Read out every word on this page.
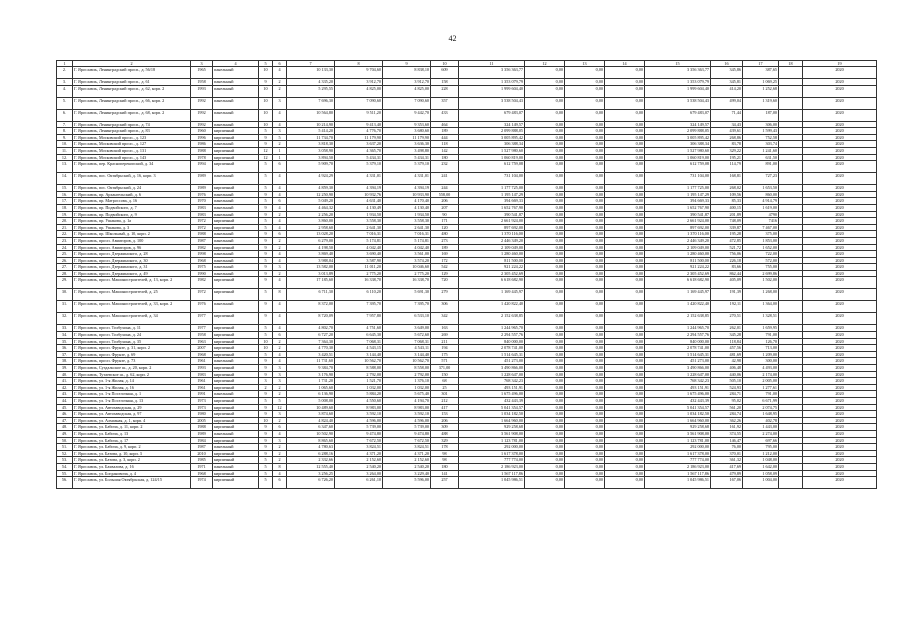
42
1	2	3	4	5	6	7	8	9	10	11	12	13	14	15	16	17	18	19
2.	Г. Ярославль, Ленинградский просп., д. 56/18	1965	панельный	10	4	10 133,30	9 704,60	8 838,10	609	3 356 363,77	0,00	0,00	0,00	3 356 363,77	345,86	387,65		2020
3.	Г. Ярославль, Ленинградский просп., д. 61	1958	панельный	9	2	4 335,20	3 912,70	3 912,70	158	1 353 079,79	0,00	0,00	0,00	1 353 079,79	345,81	1 069,25		2020
4.	Г. Ярославль, Ленинградский просп., д. 62, корп. 2	1993	панельный	10	2	5 295,55	4 825,00	4 825,00	228	1 999 604,40	0,00	0,00	0,00	1 999 604,40	414,20	1 252,68		2020
5.	Г. Ярославль, Ленинградский просп., д. 66, корп. 2	1992	панельный	10	3	7 696,30	7 090,60	7 090,60	357	3 538 504,43	0,00	0,00	0,00	3 538 504,43	499,04	1 319,60		2020
6.	Г. Ярославль, Ленинградский просп., д. 68, корп. 2	1992	панельный	10	4	10 564,80	9 511,20	9 442,70	433	679 483,07	0,00	0,00	0,00	679 483,07	71,44	187,00		2020
7.	Г. Ярославль, Ленинградский просп., д. 74	1992	панельный	10	4	10 214,90	9 413,40	9 353,60	464	324 149,57	0,00	0,00	0,00	324 149,57	34,43	306,00		2020
8.	Г. Ярославль, Ленинградский просп., д. 83	1960	кирпичный	5	3	5 414,20	4 776,70	3 680,60	189	2 099 888,05	0,00	0,00	0,00	2 099 888,05	439,61	1 599,43		2020
9.	Г. Ярославль, Московский просп., д. 123	1996	кирпичный	9	5	11 734,70	11 179,90	11 179,90	444	3 005 895,42	0,00	0,00	0,00	3 005 895,42	268,86	752,58		2020
10.	Г. Ярославль, Московский просп., д. 127	1986	панельный	9	2	3 818,30	3 637,20	3 636,30	118	306 388,34	0,00	0,00	0,00	306 388,34	83,78	303,74		2020
11.	Г. Ярославль, Московский просп., д. 131	1988	кирпичный	12	1	3 058,90	4 365,70	3 498,80	142	1 527 980,60	0,00	0,00	0,00	1 527 980,60	329,22	1 241,60		2020
12.	Г. Ярославль, Московский просп., д. 143	1978	кирпичный	12	1	3 894,50	5 434,31	5 434,31	180	1 060 819,00	0,00	0,00	0,00	1 060 819,00	195,21	631,50		2020
13.	Г. Ярославль, пер. Красноперекопский, д. 34	1994	кирпичный	5	6	5 909,70	5 379,10	5 379,10	232	612 759,08	0,00	0,00	0,00	612 759,08	114,79	891,00		2020
14.	Г. Ярославль, пос. Октябрьский, д. 16, корп. 3	1989	панельный	5	4	4 924,29	4 331,01	4 331,01	241	731 104,00	0,00	0,00	0,00	731 104,00	168,81	727,23		2020
15.	Г. Ярославль, пос. Октябрьский, д. 24	1989	кирпичный	5	4	4 859,30	4 394,19	4 394,19	244	1 177 725,00	0,00	0,00	0,00	1 177 725,00	268,02	1 653,50		2020
16.	Г. Ярославль, пр. Архангельский, д. 6	1976	панельный	9	4	12 250,90	10 932,76	10 933,90	558,00	1 195 147,29	0,00	0,00	0,00	1 195 147,29	109,56	860,00		2020
17.	Г. Ярославль, пр. Матроссова, д. 16	1970	панельный	5	6	5 049,20	4 631,40	4 170,40	206	394 669,33	0,00	0,00	0,00	394 669,33	85,33	4 914,79		2020
18.	Г. Ярославль, пр. Подвойского, д. 7	1983	панельный	9	4	4 464,32	4 130,49	4 130,40	207	1 652 767,90	0,00	0,00	0,00	1 652 767,90	400,15	1 619,00		2020
19.	Г. Ярославль, пр. Подвойского, д. 9	1983	панельный	9	2	2 256,20	1 934,50	1 934,50	90	390 541,87	0,00	0,00	0,00	390 541,87	201,89	4790		2020
20.	Г. Ярославль, пр. Ушакова, д. 1а	1972	кирпичный	5	4	3 860,00	3 558,30	3 558,30	171	2 661 924,00	0,00	0,00	0,00	2 661 924,00	748,09	7416		2020
21.	Г. Ярославль, пр. Ушакова, д. 3	1972	кирпичный	5	4	2 958,60	2 641,30	2 641,30	120	897 692,00	0,00	0,00	0,00	897 692,00	339,87	7 467,00		2020
22.	Г. Ярославль, пр. Школьный, д. 10, корп. 2	1988	панельный	9	6	13 028,20	7 016,31	7 016,31	480	1 370 116,00	0,00	0,00	0,00	1 370 116,00	195,28	375,00		2020
23.	Г. Ярославль, просп. Авиаторов, д. 100	1987	панельный	9	2	6 279,00	5 174,81	5 174,81	273	2 446 349,20	0,00	0,00	0,00	2 446 349,20	472,85	1 853,00		2020
24.	Г. Ярославль, просп. Авиаторов, д. 96	1982	кирпичный	9	2	4 198,50	4 042,40	4 042,40	189	2 109 049,00	0,00	0,00	0,00	2 109 049,00	521,72	1 652,00		2020
25.	Г. Ярославль, просп. Дзержинского, д. 28	1998	панельный	9	4	3 869,40	3 690,40	3 561,00	169	1 280 460,00	0,00	0,00	0,00	1 280 460,00	756,06	722,00		2020
26.	Г. Ярославль, просп. Дзержинского, д. 30	1968	панельный	5	4	3 988,04	3 587,90	3 574,20	172	811 500,00	0,00	0,00	0,00	811 500,00	226,18	572,00		2020
27.	Г. Ярославль, просп. Дзержинского, д. 31	1975	панельный	9	3	13 582,00	11 011,20	10 046,60	542	921 224,22	0,00	0,00	0,00	921 224,22	83,66	755,00		2020
28.	Г. Ярославль, просп. Дзержинского, д. 49	1990	панельный	9	2	3 013,89	2 775,20	2 775,20	129	2 305 452,69	0,00	0,00	0,00	2 305 452,69	862,44	2 699,86		2020
29.	Г. Ярославль, просп. Машиностроителей, д. 13, корп. 2	1982	кирпичный	9	4	17 185,60	16 338,70	16 338,70	720	6 618 682,90	0,00	0,00	0,00	6 618 682,90	405,09	1 502,00		2020
30.	Г. Ярославль, просп. Машиностроителей, д. 25	1972	кирпичный	5	8	6 711,30	6 110,20	5 691,30	279	1 169 445,97	0,00	0,00	0,00	1 169 445,97	191,39	1 268,00		2020
31.	Г. Ярославль, просп. Машиностроителей, д. 33, корп. 2	1976	панельный	9	4	8 372,00	7 395,70	7 395,70	306	1 420 822,40	0,00	0,00	0,00	1 420 822,40	192,11	1 364,00		2020
32.	Г. Ярославль, просп. Машиностроителей, д. 34	1977	кирпичный	9	4	8 720,09	7 957,80	6 533,10	342	2 152 638,85	0,00	0,00	0,00	2 152 638,85	270,51	1 328,51		2020
33.	Г. Ярославль, просп. Толбухина, д. 11	1977	кирпичный	5	4	4 802,70	4 751,60	3 649,00	163	1 244 965,70	0,00	0,00	0,00	1 244 965,70	262,01	1 659,95		2020
34.	Г. Ярославль, просп. Толбухина, д. 24	1958	кирпичный	5	6	6 727,20	6 645,30	5 672,60	269	2 294 557,76	0,00	0,00	0,00	2 294 557,76	345,28	791,00		2020
35.	Г. Ярославль, просп. Толбухина, д. 35	1963	кирпичный	10	2	7 364,30	7 068,31	7 068,31	211	840 000,00	0,00	0,00	0,00	840 000,00	118,84	126,70		2020
36.	Г. Ярославль, просп. Фрунзе, д. 31, корп. 2	2007	кирпичный	10	2	4 770,30	4 543,15	4 543,11	194	2 078 741,00	0,00	0,00	0,00	2 078 741,00	457,56	713,00		2020
37.	Г. Ярославль, просп. Фрунзе, д. 69	1968	кирпичный	5	4	3 420,51	3 144,40	3 144,40	175	1 514 645,31	0,00	0,00	0,00	1 514 645,31	481,69	1 209,00		2020
38.	Г. Ярославль, просп. Фрунзе, д. 73	1961	панельный	9	4	11 731,60	10 562,70	10 562,70	571	451 273,00	0,00	0,00	0,00	451 273,00	42,98	300,00		2020
39.	Г. Ярославль, Суздальское ш., д. 20, корп. 2	1993	кирпичный	9	3	9 384,70	8 588,00	8 558,00	371,00	3 490 866,00	0,00	0,00	0,00	3 490 866,00	406,48	4 493,00		2020
40.	Г. Ярославль, Тутаевское ш., д. 62, корп. 2	1983	кирпичный	9	3	3 176,90	2 792,00	2 792,00	150	1 228 647,00	0,00	0,00	0,00	1 228 647,00	440,06	2 174,00		2020
41.	Г. Ярославль, ул. 1-я Жилая, д. 14	1961	кирпичный	3	3	1 731,20	1 521,70	1 376,10	68	768 342,23	0,00	0,00	0,00	768 342,23	505,10	2 005,00		2020
42.	Г. Ярославль, ул. 1-я Жилая, д. 16	1961	кирпичный	2	2	1 065,60	1 032,00	1 032,00	25	493 151,91	0,00	0,00	0,00	493 151,91	524,93	1 277,61		2020
43.	Г. Ярославль, ул. 1-я Поселочная, д. 1	1991	панельный	9	2	6 136,90	5 884,20	5 675,40	301	1 675 496,00	0,00	0,00	0,00	1 675 496,00	284,71	791,00		2020
44.	Г. Ярославль, ул. 1-я Поселочная, д. 13	1973	кирпичный	5	5	5 008,00	4 550,60	4 194,70	212	432 443,39	0,00	0,00	0,00	432 443,39	95,02	6 671,99		2020
45.	Г. Ярославль, ул. Автозаводская, д. 29	1973	кирпичный	9	12	10 489,60	8 983,00	8 983,00	417	5 041 354,57	0,00	0,00	0,00	5 041 354,57	561,20	2 074,75		2020
46.	Г. Ярославль, ул. Автозаводская, д. 97	1980	кирпичный	9	3	3 874,60	3 592,10	3 592,10	153	1 034 182,50	0,00	0,00	0,00	1 034 182,50	284,74	1 648,95		2020
47.	Г. Ярославль, ул. Алмазная, д. 1, корп. 4	2005	кирпичный	10	2	4 824,40	4 596,00	4 596,00	206	1 664 960,00	0,00	0,00	0,00	1 664 960,00	362,26	402,78		2020
48.	Г. Ярославль, ул. Бабича, д. 11, корп. 2	1988	кирпичный	9	6	6 347,60	5 739,00	5 739,00	309	929 258,68	0,00	0,00	0,00	929 258,68	161,92	1 443,00		2020
49.	Г. Ярославль, ул. Бабича, д. 13	1989	панельный	9	4	10 502,90	9 474,80	9 474,80	488	3 561 908,00	0,00	0,00	0,00	3 561 908,00	374,55	2 274,00		2020
50.	Г. Ярославль, ул. Бабича, д. 17	1984	кирпичный	9	3	8 865,60	7 672,50	7 672,50	329	1 123 781,00	0,00	0,00	0,00	1 123 781,00	146,47	697,66		2020
51.	Г. Ярославль, ул. Бабича, д. 9, корп. 2	1987	панельный	9	2	4 780,63	3 824,51	3 824,51	178	292 000,00	0,00	0,00	0,00	292 000,00	76,00	795,00		2020
52.	Г. Ярославль, ул. Батова, д. 10, корп. 3	2010	кирпичный	9	2	6 288,16	4 371,20	4 371,20	98	1 617 378,00	0,00	0,00	0,00	1 617 378,00	370,01	1 212,00		2020
53.	Г. Ярославль, ул. Батова, д. 3, корп. 2	1985	кирпичный	5	2	2 332,66	2 152,60	2 152,60	98	777 774,00	0,00	0,00	0,00	777 774,00	361,32	1 048,00		2020
54.	Г. Ярославль, ул. Бахвалова, д. 16	1971	панельный	5	8	12 555,40	2 540,20	2 540,20	180	2 186 923,00	0,00	0,00	0,00	2 186 923,00	417,69	1 642,00		2020
55.	Г. Ярославль, ул. Богдановича, д. 4	1968	кирпичный	5	4	3 256,25	3 264,00	3 229,40	141	1 567 117,86	0,00	0,00	0,00	1 567 117,86	479,89	1 058,09		2020
56.	Г. Ярославль, ул. Большая Октябрьская, д. 124/15	1974	кирпичный	5	6	6 726,20	6 261,10	5 596,00	257	1 045 986,51	0,00	0,00	0,00	1 045 986,51	167,06	1 004,00		2020
